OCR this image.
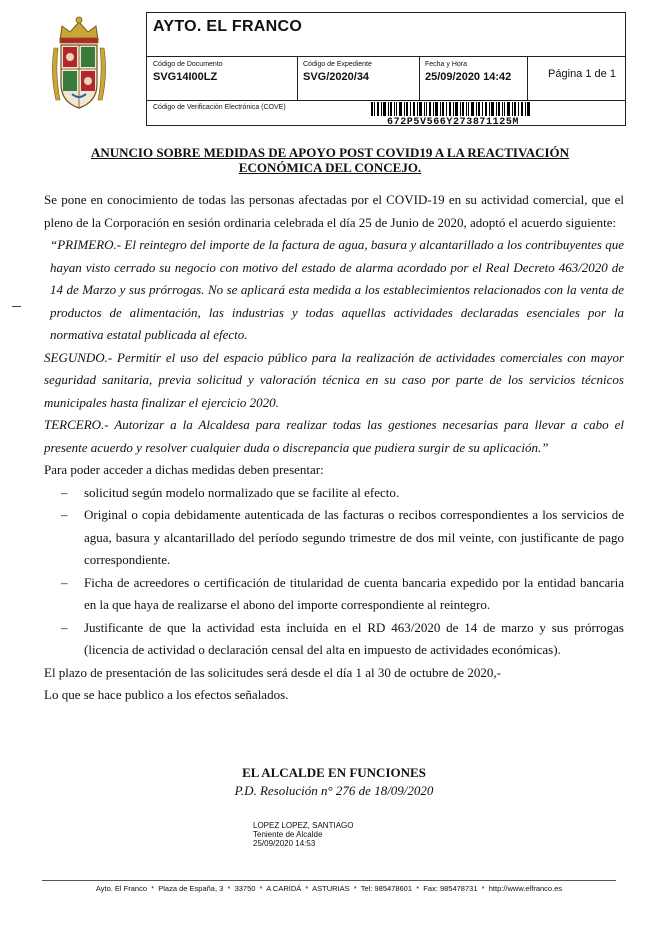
AYTO. EL FRANCO
Código de Documento
SVG14I00LZ
Código de Expediente
SVG/2020/34
Fecha y Hora
25/09/2020 14:42	Página 1 de 1
Código de Verificación Electrónica (COVE)
672P5V566Y273871125M
ANUNCIO SOBRE MEDIDAS DE APOYO POST COVID19 A LA REACTIVACIÓN
ECONÓMICA DEL CONCEJO.

Se pone en conocimiento de todas las personas afectadas por el COVID-19 en su actividad comercial, que el pleno de la Corporación en sesión ordinaria celebrada el día 25 de Junio de 2020, adoptó el acuerdo siguiente:

“PRIMERO.- El reintegro del importe de la factura de agua, basura y alcantarillado a los contribuyentes que hayan visto cerrado su negocio con motivo del estado de alarma acordado por el Real Decreto 463/2020 de 14 de Marzo y sus prórrogas. No se aplicará esta medida a los establecimientos relacionados con la venta de productos de alimentación, las industrias y todas aquellas actividades declaradas esenciales por la normativa estatal publicada al efecto.

SEGUNDO.- Permitir el uso del espacio público para la realización de actividades comerciales con mayor seguridad sanitaria, previa solicitud y valoración técnica en su caso por parte de los servicios técnicos municipales hasta finalizar el ejercicio 2020.

TERCERO.- Autorizar a la Alcaldesa para realizar todas las gestiones necesarias para llevar a cabo el presente acuerdo y resolver cualquier duda o discrepancia que pudiera surgir de su aplicación.”

Para poder acceder a dichas medidas deben presentar:

– solicitud según modelo normalizado que se facilite al efecto.
– Original o copia debidamente autenticada de las facturas o recibos correspondientes a los servicios de agua, basura y alcantarillado del período segundo trimestre de dos mil veinte, con justificante de pago correspondiente.
– Ficha de acreedores o certificación de titularidad de cuenta bancaria expedido por la entidad bancaria en la que haya de realizarse el abono del importe correspondiente al reintegro.
– Justificante de que la actividad esta incluida en el RD 463/2020 de 14 de marzo y sus prórrogas (licencia de actividad o declaración censal del alta en impuesto de actividades económicas).

El plazo de presentación de las solicitudes será desde el día 1 al 30 de octubre de 2020,-

Lo que se hace publico a los efectos señalados.

EL ALCALDE EN FUNCIONES
P.D. Resolución n° 276 de 18/09/2020
LOPEZ LOPEZ, SANTIAGO
Teniente de Alcalde
25/09/2020 14:53
Ayto. El Franco  *  Plaza de España, 3  *  33750  *  A CARIDÁ  *  ASTURIAS  *  Tel: 985478601  *  Fax: 985478731  *  http://www.elfranco.es
